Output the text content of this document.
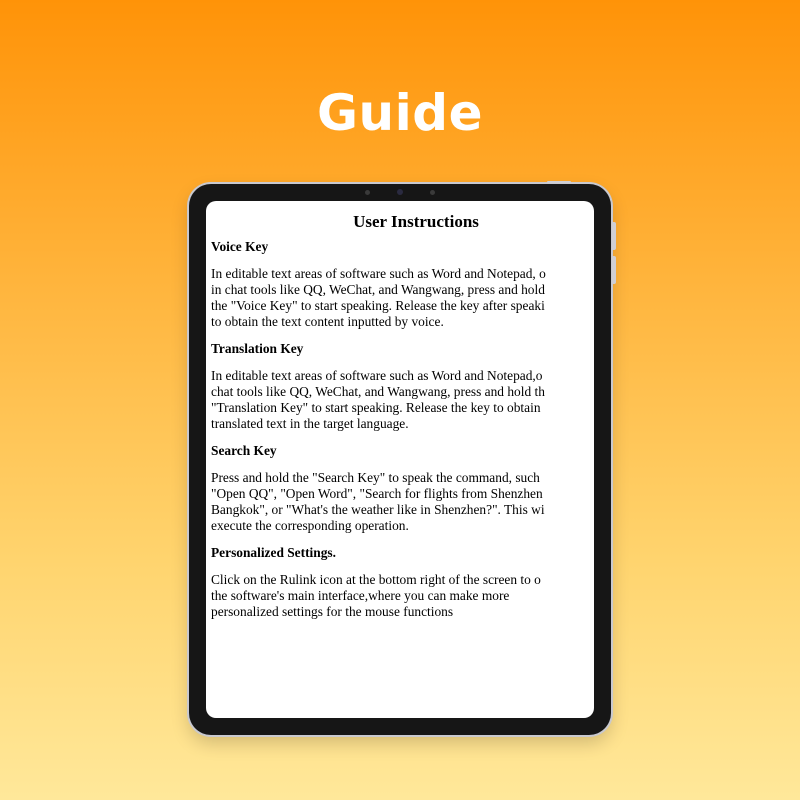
Guide
User Instructions
Voice Key
In editable text areas of software such as Word and Notepad, o
in chat tools like QQ, WeChat, and Wangwang, press and hold
the "Voice Key" to start speaking. Release the key after speaki
to obtain the text content inputted by voice.
Translation Key
In editable text areas of software such as Word and Notepad,o
chat tools like QQ, WeChat, and Wangwang, press and hold th
"Translation Key" to start speaking. Release the key to obtain
translated text in the target language.
Search Key
Press and hold the "Search Key" to speak the command, such
"Open QQ", "Open Word", "Search for flights from Shenzhen
Bangkok", or "What's the weather like in Shenzhen?". This wi
execute the corresponding operation.
Personalized Settings.
Click on the Rulink icon at the bottom right of the screen to o
the software's main interface,where you can make more
personalized settings for the mouse functions
